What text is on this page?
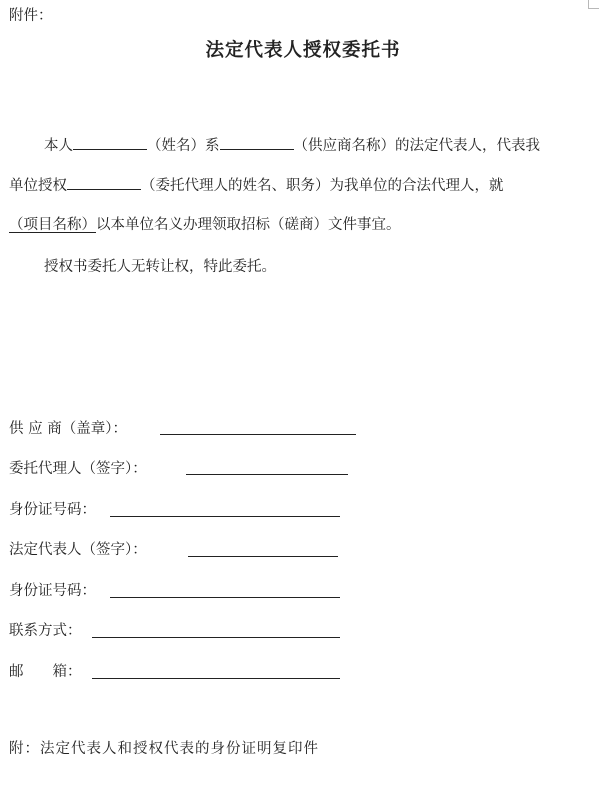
附件：
法定代表人授权委托书
本人	（姓名）系	（供应商名称）的法定代表人，代表我
单位授权	（委托代理人的姓名、职务）为我单位的合法代理人，就
（项目名称）以本单位名义办理领取招标（磋商）文件事宜。
授权书委托人无转让权，特此委托。
供 应 商（盖章）：
委托代理人（签字）：
身份证号码：
法定代表人（签字）：
身份证号码：
联系方式：
邮　　箱：
附：法定代表人和授权代表的身份证明复印件
